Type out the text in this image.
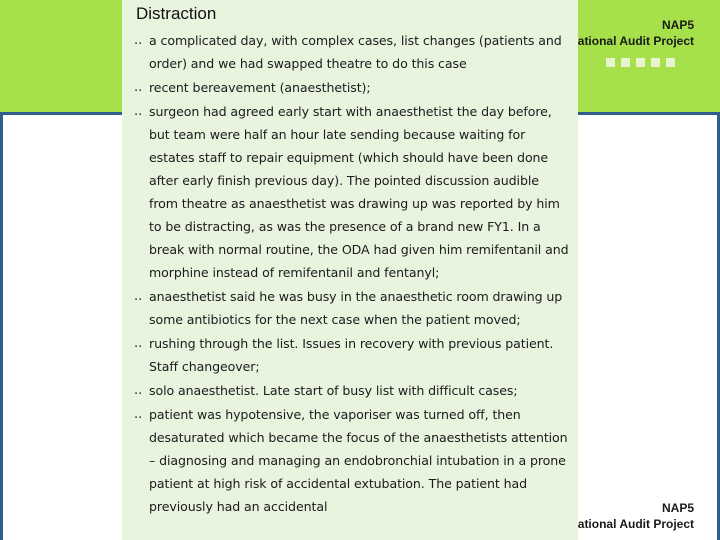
NAP5
ational Audit Project
NAP5
ational Audit Project
Distraction
.. a complicated day, with complex cases, list changes (patients and order) and we had swapped theatre to do this case
.. recent bereavement (anaesthetist);
.. surgeon had agreed early start with anaesthetist the day before, but team were half an hour late sending because waiting for estates staff to repair equipment (which should have been done after early finish previous day). The pointed discussion audible from theatre as anaesthetist was drawing up was reported by him to be distracting, as was the presence of a brand new FY1. In a break with normal routine, the ODA had given him remifentanil and morphine instead of remifentanil and fentanyl;
.. anaesthetist said he was busy in the anaesthetic room drawing up some antibiotics for the next case when the patient moved;
.. rushing through the list. Issues in recovery with previous patient. Staff changeover;
.. solo anaesthetist. Late start of busy list with difficult cases;
.. patient was hypotensive, the vaporiser was turned off, then desaturated which became the focus of the anaesthetists attention – diagnosing and managing an endobronchial intubation in a prone patient at high risk of accidental extubation. The patient had previously had an accidental
